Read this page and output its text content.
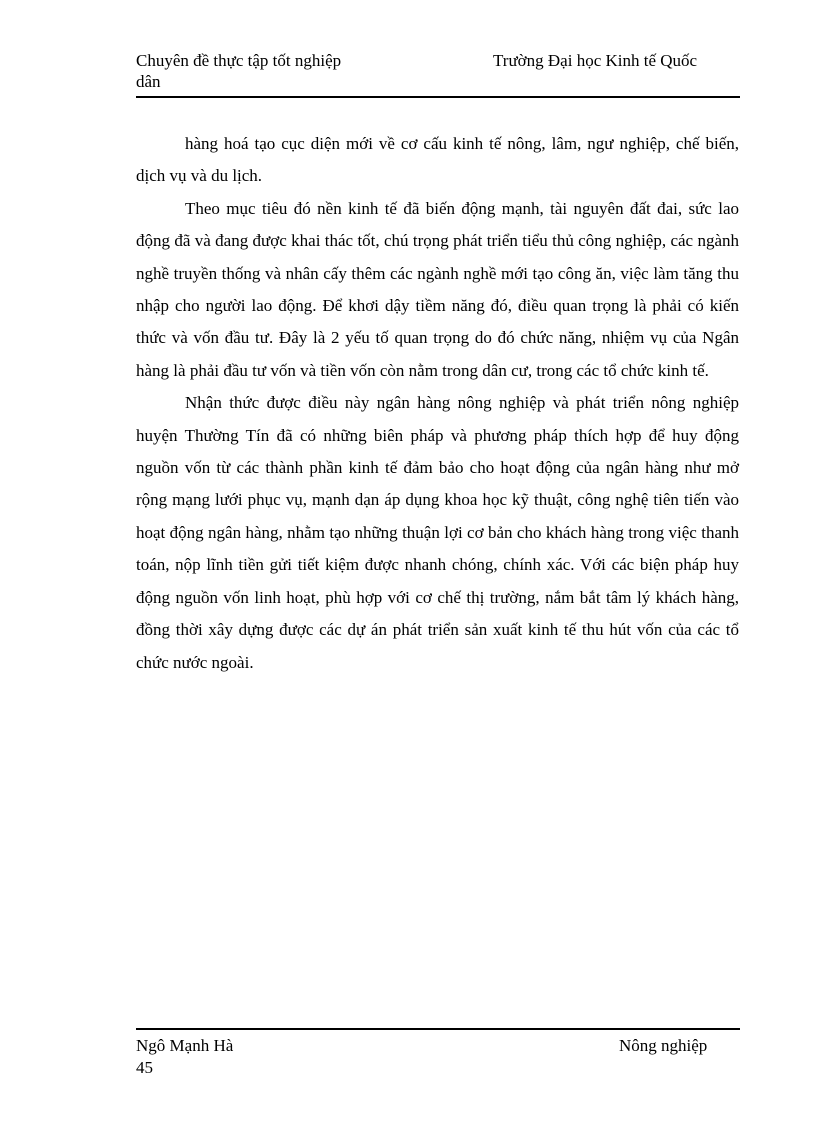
Chuyên đề thực tập tốt nghiệp	Trường Đại học Kinh tế Quốc
dân

hàng hoá tạo cục diện mới về cơ cấu kinh tế nông, lâm, ngư nghiệp, chế biến, dịch vụ và du lịch.

Theo mục tiêu đó nền kinh tế đã biến động mạnh, tài nguyên đất đai, sức lao động đã và đang được khai thác tốt, chú trọng phát triển tiểu thủ công nghiệp, các ngành nghề truyền thống và nhân cấy thêm các ngành nghề mới tạo công ăn, việc làm tăng thu nhập cho người lao động. Để khơi dậy tiềm năng đó, điều quan trọng là phải có kiến thức và vốn đầu tư. Đây là 2 yếu tố quan trọng do đó chức năng, nhiệm vụ của Ngân hàng là phải đầu tư vốn và tiền vốn còn nằm trong dân cư, trong các tổ chức kinh tế.

Nhận thức được điều này ngân hàng nông nghiệp và phát triển nông nghiệp huyện Thường Tín đã có những biên pháp và phương pháp thích hợp để huy động nguồn vốn từ các thành phần kinh tế đảm bảo cho hoạt động của ngân hàng như mở rộng mạng lưới phục vụ, mạnh dạn áp dụng khoa học kỹ thuật, công nghệ tiên tiến vào hoạt động ngân hàng, nhằm tạo những thuận lợi cơ bản cho khách hàng trong việc thanh toán, nộp lĩnh tiền gửi tiết kiệm được nhanh chóng, chính xác. Với các biện pháp huy động nguồn vốn linh hoạt, phù hợp với cơ chế thị trường, nắm bắt tâm lý khách hàng, đồng thời xây dựng được các dự án phát triển sản xuất kinh tế thu hút vốn của các tổ chức nước ngoài.

Ngô Mạnh Hà	Nông nghiệp
45
